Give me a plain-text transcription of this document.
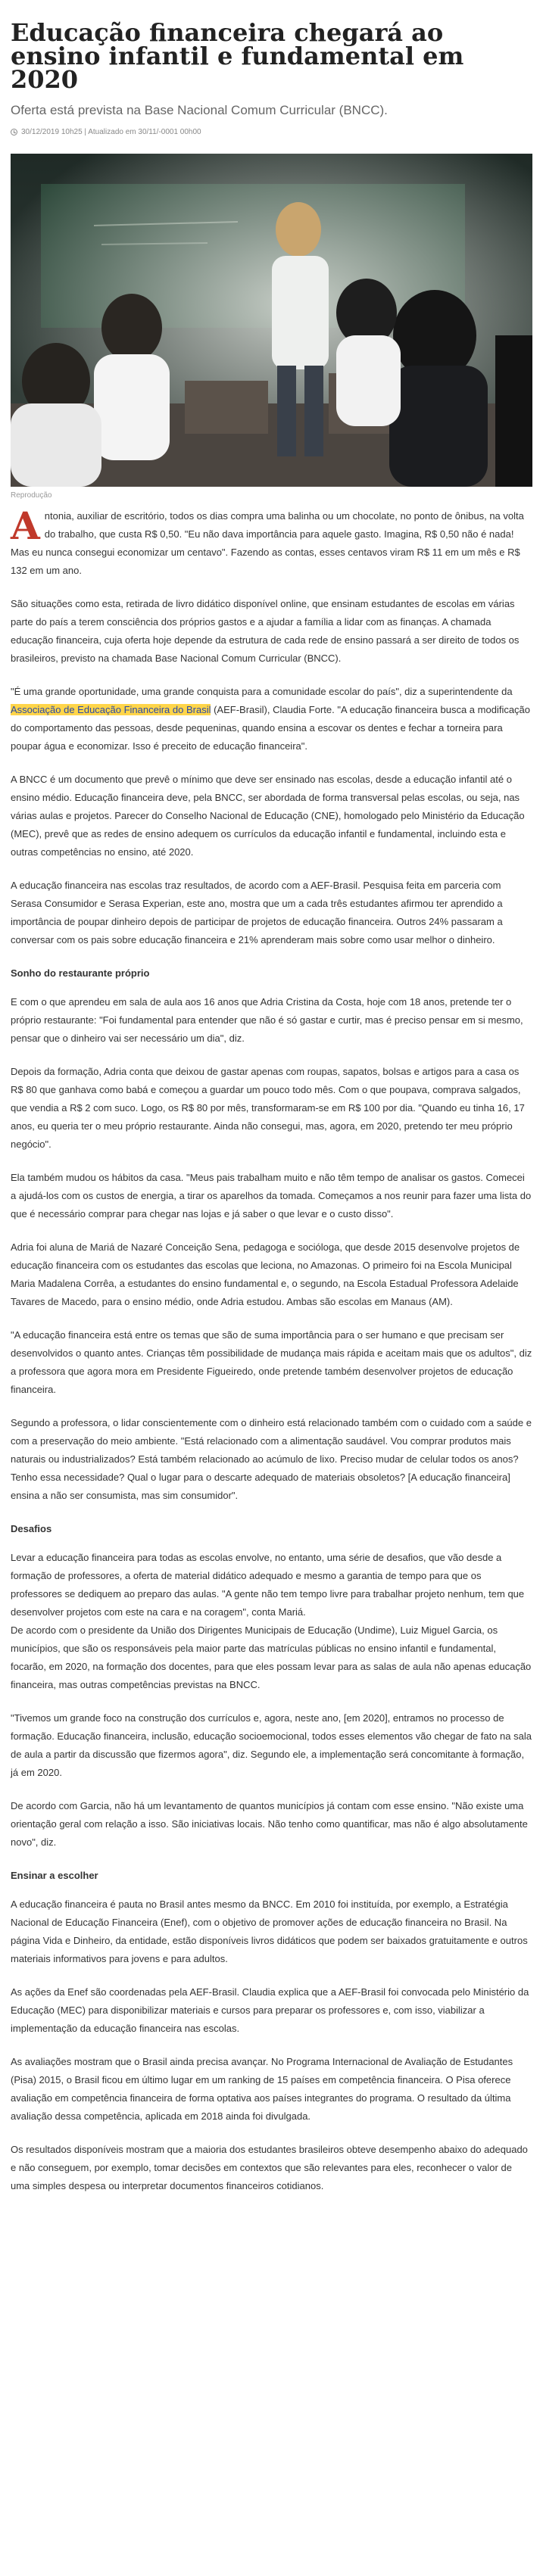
Educação financeira chegará ao ensino infantil e fundamental em 2020

Oferta está prevista na Base Nacional Comum Curricular (BNCC).

30/12/2019 10h25 | Atualizado em 30/11/-0001 00h00
Reprodução

Antonia, auxiliar de escritório, todos os dias compra uma balinha ou um chocolate, no ponto de ônibus, na volta do trabalho, que custa R$ 0,50. "Eu não dava importância para aquele gasto. Imagina, R$ 0,50 não é nada! Mas eu nunca consegui economizar um centavo". Fazendo as contas, esses centavos viram R$ 11 em um mês e R$ 132 em um ano.

São situações como esta, retirada de livro didático disponível online, que ensinam estudantes de escolas em várias parte do país a terem consciência dos próprios gastos e a ajudar a família a lidar com as finanças. A chamada educação financeira, cuja oferta hoje depende da estrutura de cada rede de ensino passará a ser direito de todos os brasileiros, previsto na chamada Base Nacional Comum Curricular (BNCC).

"É uma grande oportunidade, uma grande conquista para a comunidade escolar do país", diz a superintendente da Associação de Educação Financeira do Brasil (AEF-Brasil), Claudia Forte. "A educação financeira busca a modificação do comportamento das pessoas, desde pequeninas, quando ensina a escovar os dentes e fechar a torneira para poupar água e economizar. Isso é preceito de educação financeira".

A BNCC é um documento que prevê o mínimo que deve ser ensinado nas escolas, desde a educação infantil até o ensino médio. Educação financeira deve, pela BNCC, ser abordada de forma transversal pelas escolas, ou seja, nas várias aulas e projetos. Parecer do Conselho Nacional de Educação (CNE), homologado pelo Ministério da Educação (MEC), prevê que as redes de ensino adequem os currículos da educação infantil e fundamental, incluindo esta e outras competências no ensino, até 2020.

A educação financeira nas escolas traz resultados, de acordo com a AEF-Brasil. Pesquisa feita em parceria com Serasa Consumidor e Serasa Experian, este ano, mostra que um a cada três estudantes afirmou ter aprendido a importância de poupar dinheiro depois de participar de projetos de educação financeira. Outros 24% passaram a conversar com os pais sobre educação financeira e 21% aprenderam mais sobre como usar melhor o dinheiro.

Sonho do restaurante próprio

E com o que aprendeu em sala de aula aos 16 anos que Adria Cristina da Costa, hoje com 18 anos, pretende ter o próprio restaurante: "Foi fundamental para entender que não é só gastar e curtir, mas é preciso pensar em si mesmo, pensar que o dinheiro vai ser necessário um dia", diz.

Depois da formação, Adria conta que deixou de gastar apenas com roupas, sapatos, bolsas e artigos para a casa os R$ 80 que ganhava como babá e começou a guardar um pouco todo mês. Com o que poupava, comprava salgados, que vendia a R$ 2 com suco. Logo, os R$ 80 por mês, transformaram-se em R$ 100 por dia. "Quando eu tinha 16, 17 anos, eu queria ter o meu próprio restaurante. Ainda não consegui, mas, agora, em 2020, pretendo ter meu próprio negócio".

Ela também mudou os hábitos da casa. "Meus pais trabalham muito e não têm tempo de analisar os gastos. Comecei a ajudá-los com os custos de energia, a tirar os aparelhos da tomada. Começamos a nos reunir para fazer uma lista do que é necessário comprar para chegar nas lojas e já saber o que levar e o custo disso".

Adria foi aluna de Mariá de Nazaré Conceição Sena, pedagoga e socióloga, que desde 2015 desenvolve projetos de educação financeira com os estudantes das escolas que leciona, no Amazonas. O primeiro foi na Escola Municipal Maria Madalena Corrêa, a estudantes do ensino fundamental e, o segundo, na Escola Estadual Professora Adelaide Tavares de Macedo, para o ensino médio, onde Adria estudou. Ambas são escolas em Manaus (AM).

"A educação financeira está entre os temas que são de suma importância para o ser humano e que precisam ser desenvolvidos o quanto antes. Crianças têm possibilidade de mudança mais rápida e aceitam mais que os adultos", diz a professora que agora mora em Presidente Figueiredo, onde pretende também desenvolver projetos de educação financeira.

Segundo a professora, o lidar conscientemente com o dinheiro está relacionado também com o cuidado com a saúde e com a preservação do meio ambiente. "Está relacionado com a alimentação saudável. Vou comprar produtos mais naturais ou industrializados? Está também relacionado ao acúmulo de lixo. Preciso mudar de celular todos os anos? Tenho essa necessidade? Qual o lugar para o descarte adequado de materiais obsoletos? [A educação financeira] ensina a não ser consumista, mas sim consumidor".

Desafios

Levar a educação financeira para todas as escolas envolve, no entanto, uma série de desafios, que vão desde a formação de professores, a oferta de material didático adequado e mesmo a garantia de tempo para que os professores se dediquem ao preparo das aulas. "A gente não tem tempo livre para trabalhar projeto nenhum, tem que desenvolver projetos com este na cara e na coragem", conta Mariá.

De acordo com o presidente da União dos Dirigentes Municipais de Educação (Undime), Luiz Miguel Garcia, os municípios, que são os responsáveis pela maior parte das matrículas públicas no ensino infantil e fundamental, focarão, em 2020, na formação dos docentes, para que eles possam levar para as salas de aula não apenas educação financeira, mas outras competências previstas na BNCC.

"Tivemos um grande foco na construção dos currículos e, agora, neste ano, [em 2020], entramos no processo de formação. Educação financeira, inclusão, educação socioemocional, todos esses elementos vão chegar de fato na sala de aula a partir da discussão que fizermos agora", diz. Segundo ele, a implementação será concomitante à formação, já em 2020.

De acordo com Garcia, não há um levantamento de quantos municípios já contam com esse ensino. "Não existe uma orientação geral com relação a isso. São iniciativas locais. Não tenho como quantificar, mas não é algo absolutamente novo", diz.

Ensinar a escolher

A educação financeira é pauta no Brasil antes mesmo da BNCC. Em 2010 foi instituída, por exemplo, a Estratégia Nacional de Educação Financeira (Enef), com o objetivo de promover ações de educação financeira no Brasil. Na página Vida e Dinheiro, da entidade, estão disponíveis livros didáticos que podem ser baixados gratuitamente e outros materiais informativos para jovens e para adultos.

As ações da Enef são coordenadas pela AEF-Brasil. Claudia explica que a AEF-Brasil foi convocada pelo Ministério da Educação (MEC) para disponibilizar materiais e cursos para preparar os professores e, com isso, viabilizar a implementação da educação financeira nas escolas.

As avaliações mostram que o Brasil ainda precisa avançar. No Programa Internacional de Avaliação de Estudantes (Pisa) 2015, o Brasil ficou em último lugar em um ranking de 15 países em competência financeira. O Pisa oferece avaliação em competência financeira de forma optativa aos países integrantes do programa. O resultado da última avaliação dessa competência, aplicada em 2018 ainda foi divulgada.

Os resultados disponíveis mostram que a maioria dos estudantes brasileiros obteve desempenho abaixo do adequado e não conseguem, por exemplo, tomar decisões em contextos que são relevantes para eles, reconhecer o valor de uma simples despesa ou interpretar documentos financeiros cotidianos.
